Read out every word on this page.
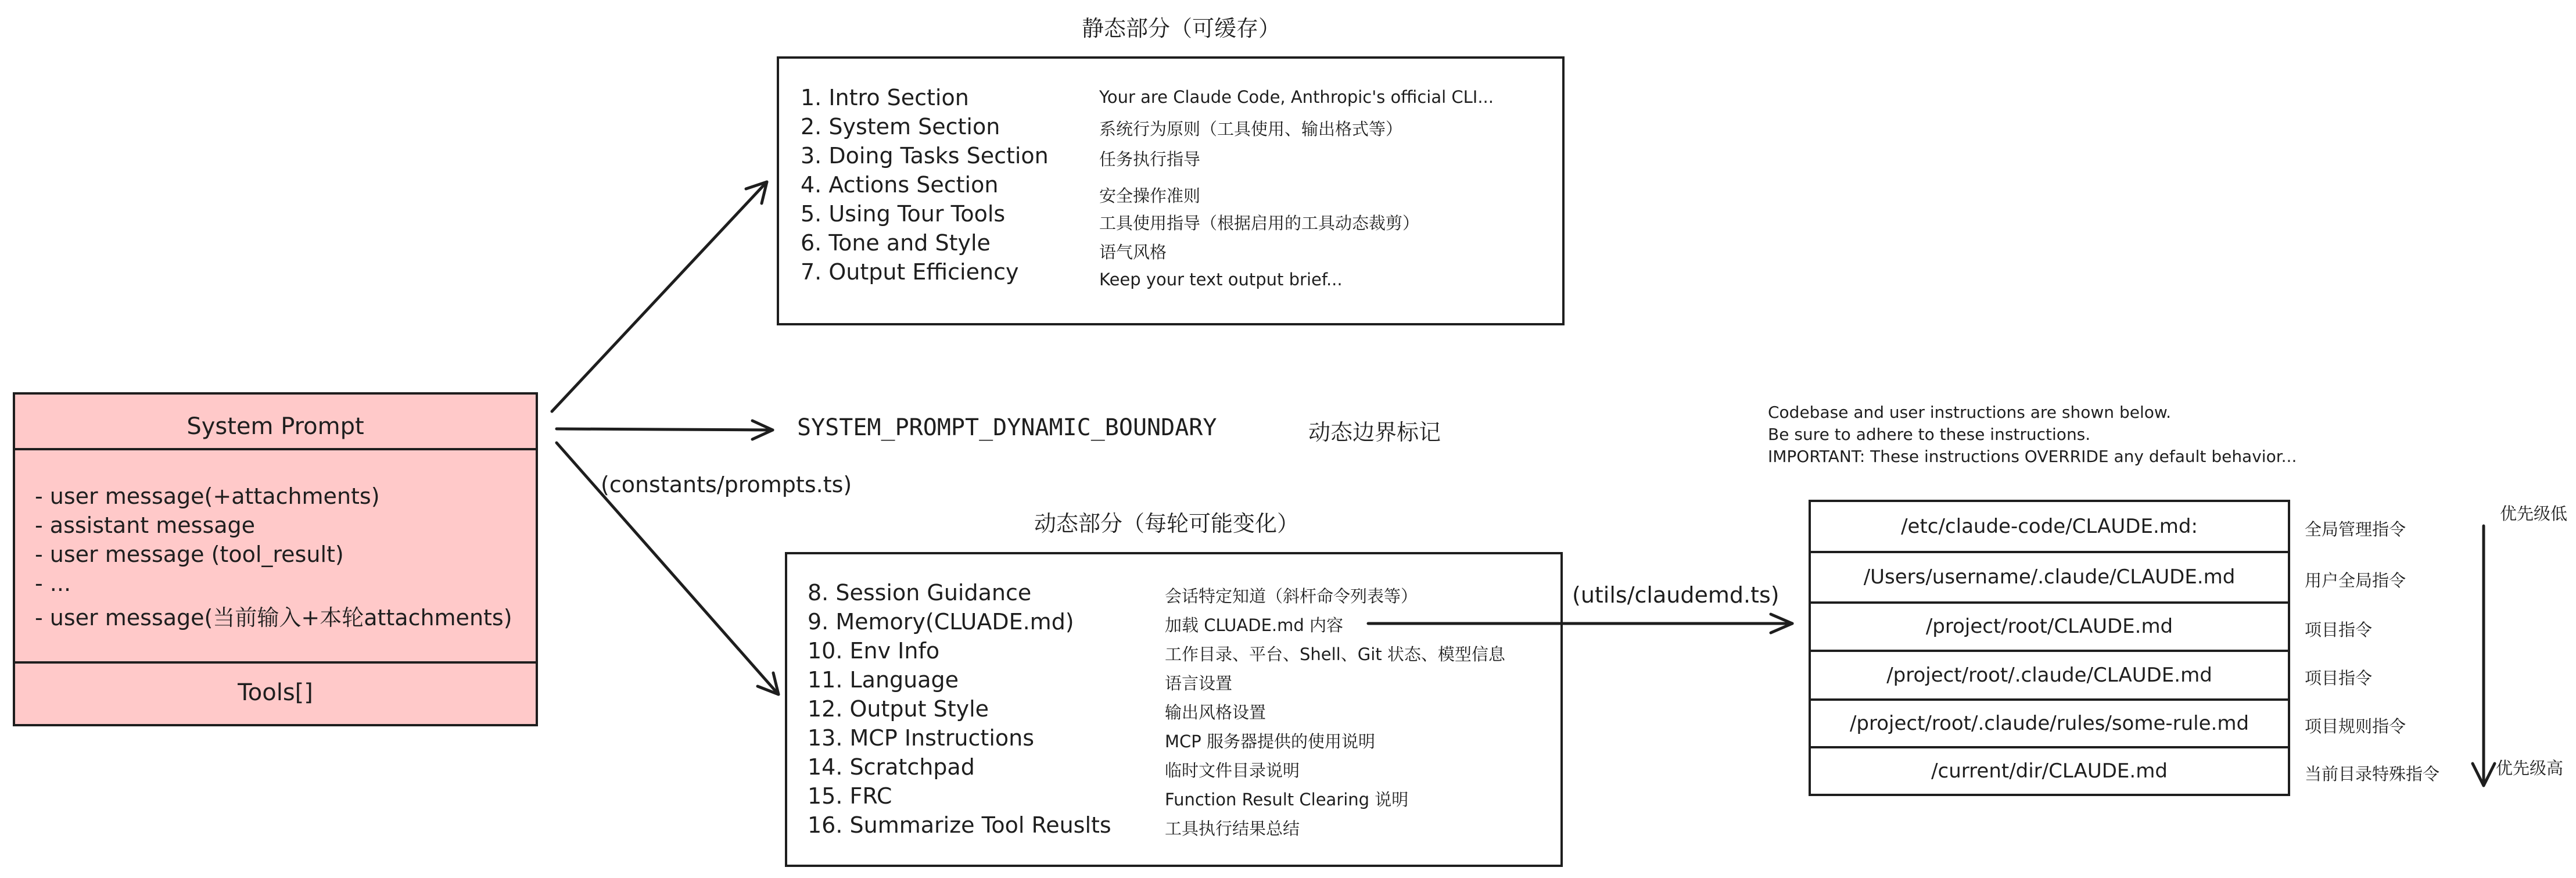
静态部分（可缓存）
1. Intro Section	Your are Claude Code, Anthropic's official CLI...
2. System Section	系统行为原则（工具使用、输出格式等）
3. Doing Tasks Section	任务执行指导
4. Actions Section	安全操作准则
5. Using Tour Tools	工具使用指导（根据启用的工具动态裁剪）
6. Tone and Style	语气风格
7. Output Efficiency	Keep your text output brief...
SYSTEM_PROMPT_DYNAMIC_BOUNDARY	动态边界标记
(constants/prompts.ts)
动态部分（每轮可能变化）
8. Session Guidance	会话特定知道（斜杆命令列表等）
9. Memory(CLUADE.md)	加载 CLUADE.md 内容
10. Env Info	工作目录、平台、Shell、Git 状态、模型信息
11. Language	语言设置
12. Output Style	输出风格设置
13. MCP Instructions	MCP 服务器提供的使用说明
14. Scratchpad	临时文件目录说明
15. FRC	Function Result Clearing 说明
16. Summarize Tool Reuslts	工具执行结果总结
System Prompt
- user message(+attachments)
- assistant message
- user message (tool_result)
- ...
- user message(当前输入+本轮attachments)
Tools[]
(utils/claudemd.ts)
Codebase and user instructions are shown below.
Be sure to adhere to these instructions.
IMPORTANT: These instructions OVERRIDE any default behavior...
/etc/claude-code/CLAUDE.md:	全局管理指令
/Users/username/.claude/CLAUDE.md	用户全局指令
/project/root/CLAUDE.md	项目指令
/project/root/.claude/CLAUDE.md	项目指令
/project/root/.claude/rules/some-rule.md	项目规则指令
/current/dir/CLAUDE.md	当前目录特殊指令
优先级低
优先级高
